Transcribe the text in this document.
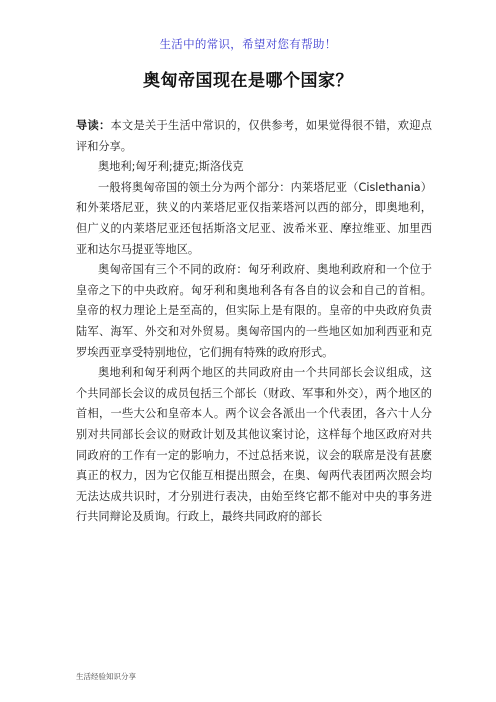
生活中的常识，希望对您有帮助！
奥匈帝国现在是哪个国家？

导读：本文是关于生活中常识的，仅供参考，如果觉得很不错，欢迎点评和分享。

奥地利;匈牙利;捷克;斯洛伐克

一般将奥匈帝国的领土分为两个部分：内莱塔尼亚（Cislethania）和外莱塔尼亚，狭义的内莱塔尼亚仅指莱塔河以西的部分，即奥地利，但广义的内莱塔尼亚还包括斯洛文尼亚、波希米亚、摩拉维亚、加里西亚和达尔马提亚等地区。

奥匈帝国有三个不同的政府：匈牙利政府、奥地利政府和一个位于皇帝之下的中央政府。匈牙利和奥地利各有各自的议会和自己的首相。皇帝的权力理论上是至高的，但实际上是有限的。皇帝的中央政府负责陆军、海军、外交和对外贸易。奥匈帝国内的一些地区如加利西亚和克罗埃西亚享受特别地位，它们拥有特殊的政府形式。

奥地利和匈牙利两个地区的共同政府由一个共同部长会议组成，这个共同部长会议的成员包括三个部长（财政、军事和外交），两个地区的首相，一些大公和皇帝本人。两个议会各派出一个代表团，各六十人分别对共同部长会议的财政计划及其他议案讨论，这样每个地区政府对共同政府的工作有一定的影响力，不过总括来说，议会的联席是没有甚麽真正的权力，因为它仅能互相提出照会，在奥、匈两代表团两次照会均无法达成共识时，才分别进行表决，由始至终它都不能对中央的事务进行共同辩论及质询。行政上，最终共同政府的部长

生活经验知识分享
